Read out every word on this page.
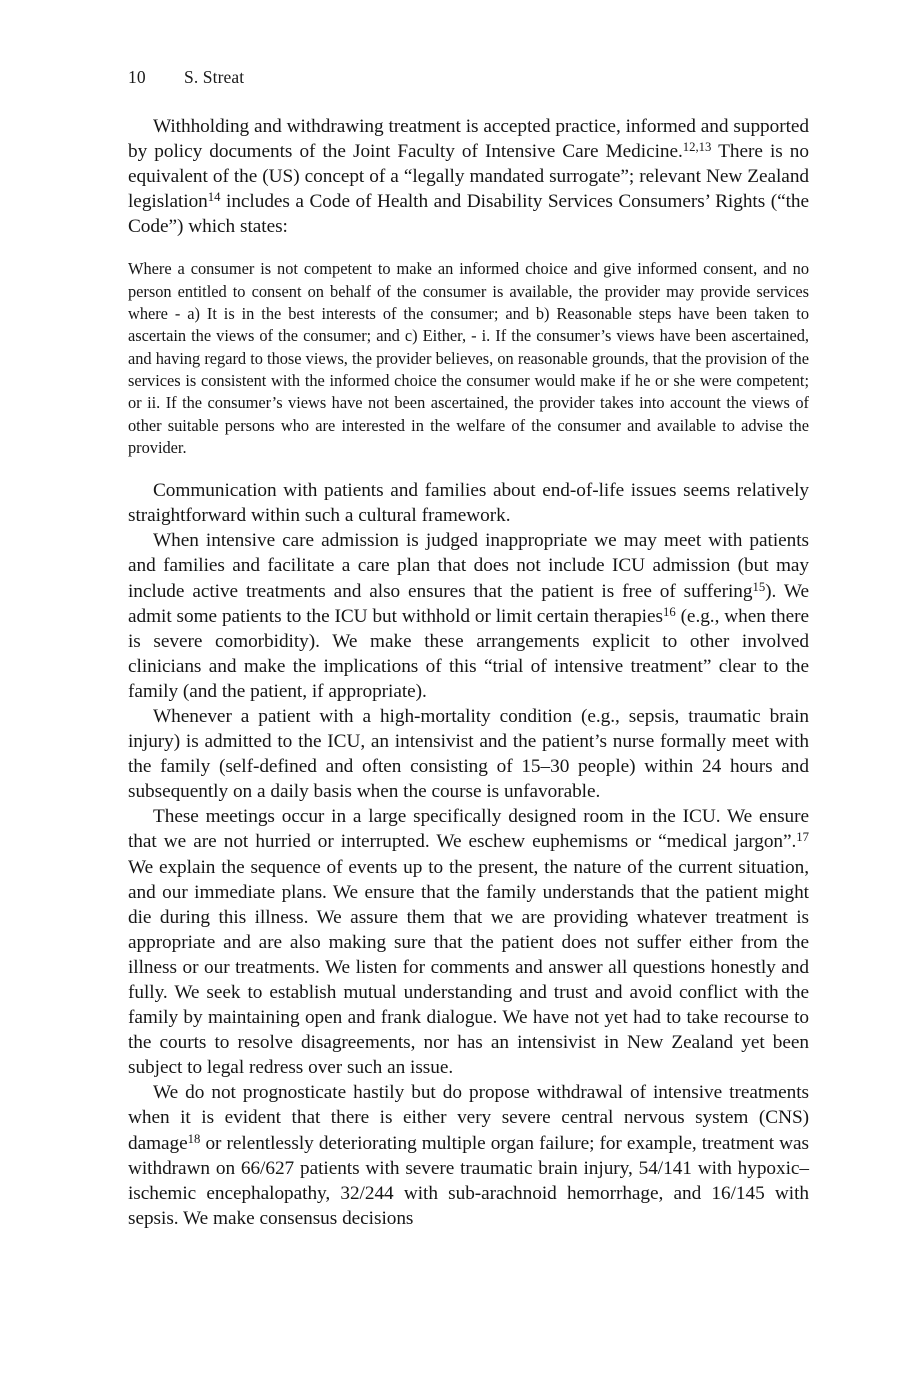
10 S. Streat

Withholding and withdrawing treatment is accepted practice, informed and supported by policy documents of the Joint Faculty of Intensive Care Medicine.$^{12,13}$ There is no equivalent of the (US) concept of a “legally mandated surrogate”; relevant New Zealand legislation$^{14}$ includes a Code of Health and Disability Services Consumers’ Rights (“the Code”) which states:

Where a consumer is not competent to make an informed choice and give informed consent, and no person entitled to consent on behalf of the consumer is available, the provider may provide services where - a) It is in the best interests of the consumer; and b) Reasonable steps have been taken to ascertain the views of the consumer; and c) Either, - i. If the consumer’s views have been ascertained, and having regard to those views, the provider believes, on reasonable grounds, that the provision of the services is consistent with the informed choice the consumer would make if he or she were competent; or ii. If the consumer’s views have not been ascertained, the provider takes into account the views of other suitable persons who are interested in the welfare of the consumer and available to advise the provider.

Communication with patients and families about end-of-life issues seems relatively straightforward within such a cultural framework.

When intensive care admission is judged inappropriate we may meet with patients and families and facilitate a care plan that does not include ICU admission (but may include active treatments and also ensures that the patient is free of suffering$^{15}$). We admit some patients to the ICU but withhold or limit certain therapies$^{16}$ (e.g., when there is severe comorbidity). We make these arrangements explicit to other involved clinicians and make the implications of this “trial of intensive treatment” clear to the family (and the patient, if appropriate).

Whenever a patient with a high-mortality condition (e.g., sepsis, traumatic brain injury) is admitted to the ICU, an intensivist and the patient’s nurse formally meet with the family (self-defined and often consisting of 15–30 people) within 24 hours and subsequently on a daily basis when the course is unfavorable.

These meetings occur in a large specifically designed room in the ICU. We ensure that we are not hurried or interrupted. We eschew euphemisms or “medical jargon”.$^{17}$ We explain the sequence of events up to the present, the nature of the current situation, and our immediate plans. We ensure that the family understands that the patient might die during this illness. We assure them that we are providing whatever treatment is appropriate and are also making sure that the patient does not suffer either from the illness or our treatments. We listen for comments and answer all questions honestly and fully. We seek to establish mutual understanding and trust and avoid conflict with the family by maintaining open and frank dialogue. We have not yet had to take recourse to the courts to resolve disagreements, nor has an intensivist in New Zealand yet been subject to legal redress over such an issue.

We do not prognosticate hastily but do propose withdrawal of intensive treatments when it is evident that there is either very severe central nervous system (CNS) damage$^{18}$ or relentlessly deteriorating multiple organ failure; for example, treatment was withdrawn on 66/627 patients with severe traumatic brain injury, 54/141 with hypoxic–ischemic encephalopathy, 32/244 with sub-arachnoid hemorrhage, and 16/145 with sepsis. We make consensus decisions
